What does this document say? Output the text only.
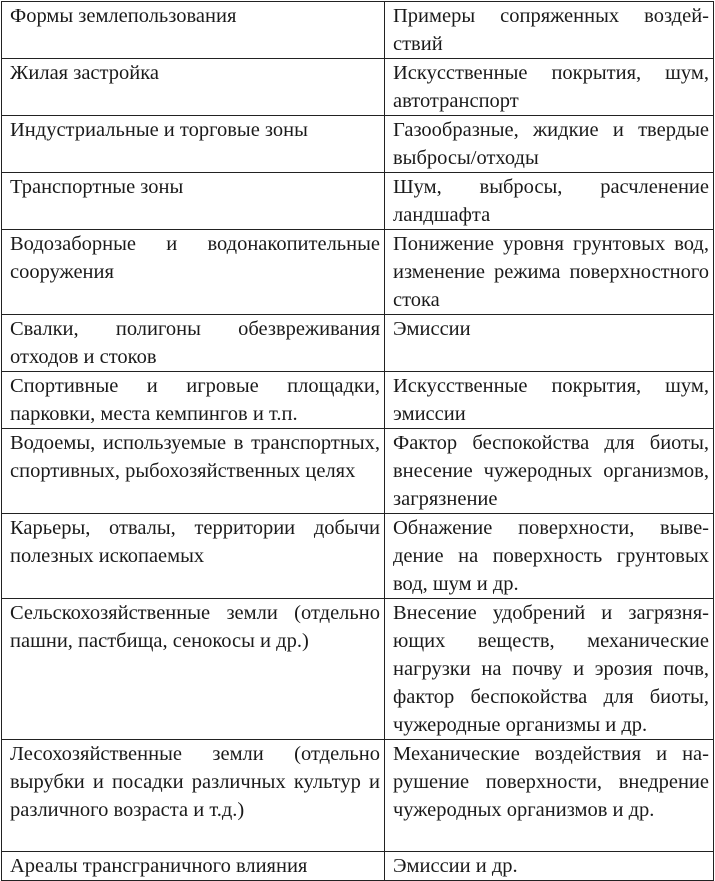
Формы землепользования	Примеры сопряженных воздействий
Жилая застройка	Искусственные покрытия, шум, автотранспорт
Индустриальные и торговые зоны	Газообразные, жидкие и твердые выбросы/отходы
Транспортные зоны	Шум, выбросы, расчленение ландшафта
Водозаборные и водонакопительные сооружения	Понижение уровня грунтовых вод, изменение режима поверхностного стока
Свалки, полигоны обезвреживания отходов и стоков	Эмиссии
Спортивные и игровые площадки, парковки, места кемпингов и т.п.	Искусственные покрытия, шум, эмиссии
Водоемы, используемые в транспортных, спортивных, рыбохозяйственных целях	Фактор беспокойства для биоты, внесение чужеродных организмов, загрязнение
Карьеры, отвалы, территории добычи полезных ископаемых	Обнажение поверхности, выведение на поверхность грунтовых вод, шум и др.
Сельскохозяйственные земли (отдельно пашни, пастбища, сенокосы и др.)	Внесение удобрений и загрязняющих веществ, механические нагрузки на почву и эрозия почв, фактор беспокойства для биоты, чужеродные организмы и др.
Лесохозяйственные земли (отдельно вырубки и посадки различных культур и различного возраста и т.д.)	Механические воздействия и нарушение поверхности, внедрение чужеродных организмов и др.
Ареалы трансграничного влияния	Эмиссии и др.
